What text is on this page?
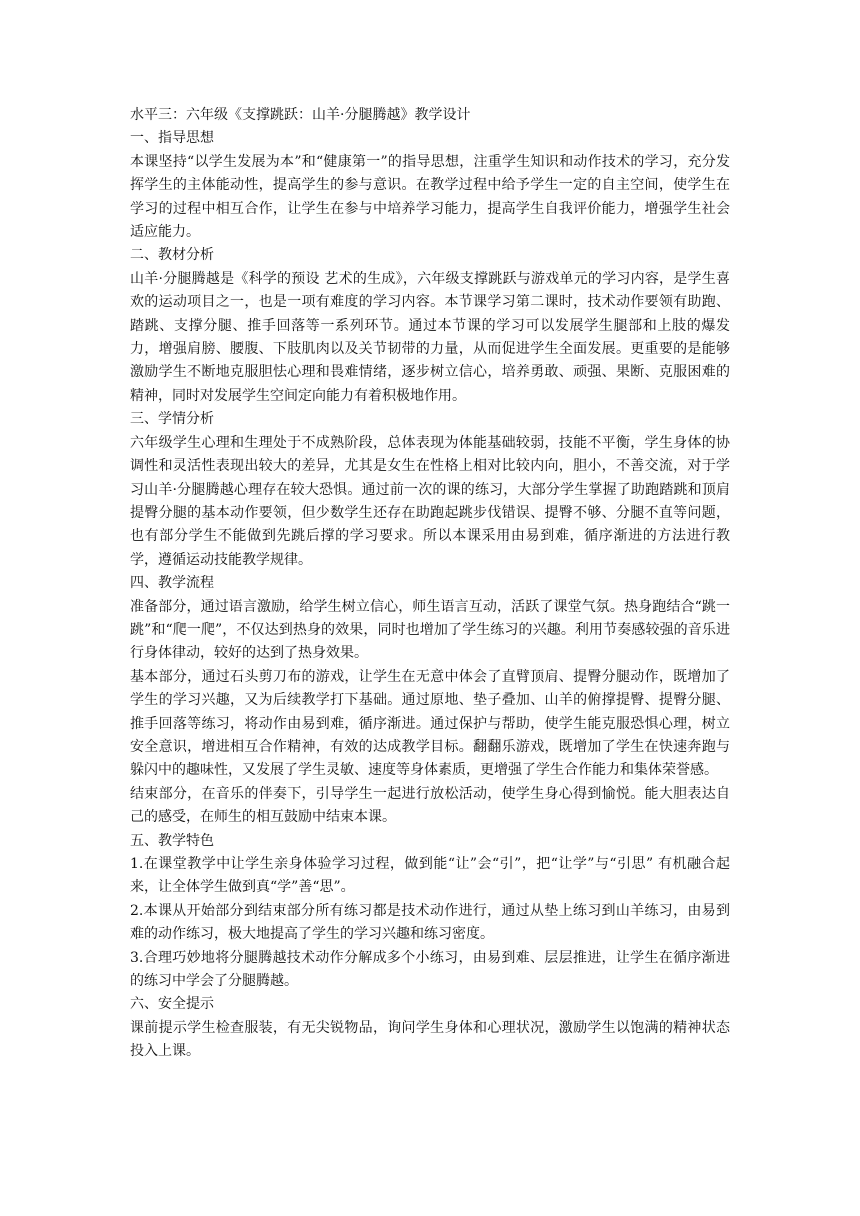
水平三：六年级《支撑跳跃：山羊·分腿腾越》教学设计

一、指导思想

本课坚持“以学生发展为本”和“健康第一”的指导思想，注重学生知识和动作技术的学习，充分发挥学生的主体能动性，提高学生的参与意识。在教学过程中给予学生一定的自主空间，使学生在学习的过程中相互合作，让学生在参与中培养学习能力，提高学生自我评价能力，增强学生社会适应能力。

二、教材分析

山羊·分腿腾越是《科学的预设 艺术的生成》，六年级支撑跳跃与游戏单元的学习内容，是学生喜欢的运动项目之一，也是一项有难度的学习内容。本节课学习第二课时，技术动作要领有助跑、踏跳、支撑分腿、推手回落等一系列环节。通过本节课的学习可以发展学生腿部和上肢的爆发力，增强肩膀、腰腹、下肢肌肉以及关节韧带的力量，从而促进学生全面发展。更重要的是能够激励学生不断地克服胆怯心理和畏难情绪，逐步树立信心，培养勇敢、顽强、果断、克服困难的精神，同时对发展学生空间定向能力有着积极地作用。

三、学情分析

六年级学生心理和生理处于不成熟阶段，总体表现为体能基础较弱，技能不平衡，学生身体的协调性和灵活性表现出较大的差异，尤其是女生在性格上相对比较内向，胆小，不善交流，对于学习山羊·分腿腾越心理存在较大恐惧。通过前一次的课的练习，大部分学生掌握了助跑踏跳和顶肩提臀分腿的基本动作要领，但少数学生还存在助跑起跳步伐错误、提臀不够、分腿不直等问题，也有部分学生不能做到先跳后撑的学习要求。所以本课采用由易到难，循序渐进的方法进行教学，遵循运动技能教学规律。

四、教学流程

准备部分，通过语言激励，给学生树立信心，师生语言互动，活跃了课堂气氛。热身跑结合“跳一跳”和“爬一爬”，不仅达到热身的效果，同时也增加了学生练习的兴趣。利用节奏感较强的音乐进行身体律动，较好的达到了热身效果。

基本部分，通过石头剪刀布的游戏，让学生在无意中体会了直臂顶肩、提臀分腿动作，既增加了学生的学习兴趣，又为后续教学打下基础。通过原地、垫子叠加、山羊的俯撑提臀、提臀分腿、推手回落等练习，将动作由易到难，循序渐进。通过保护与帮助，使学生能克服恐惧心理，树立安全意识，增进相互合作精神，有效的达成教学目标。翻翻乐游戏，既增加了学生在快速奔跑与躲闪中的趣味性，又发展了学生灵敏、速度等身体素质，更增强了学生合作能力和集体荣誉感。

结束部分，在音乐的伴奏下，引导学生一起进行放松活动，使学生身心得到愉悦。能大胆表达自己的感受，在师生的相互鼓励中结束本课。

五、教学特色

1.在课堂教学中让学生亲身体验学习过程，做到能“让”会“引”，把“让学”与“引思” 有机融合起来，让全体学生做到真“学”善“思”。

2.本课从开始部分到结束部分所有练习都是技术动作进行，通过从垫上练习到山羊练习，由易到难的动作练习，极大地提高了学生的学习兴趣和练习密度。

3.合理巧妙地将分腿腾越技术动作分解成多个小练习，由易到难、层层推进，让学生在循序渐进的练习中学会了分腿腾越。

六、安全提示

课前提示学生检查服装，有无尖锐物品，询问学生身体和心理状况，激励学生以饱满的精神状态投入上课。
